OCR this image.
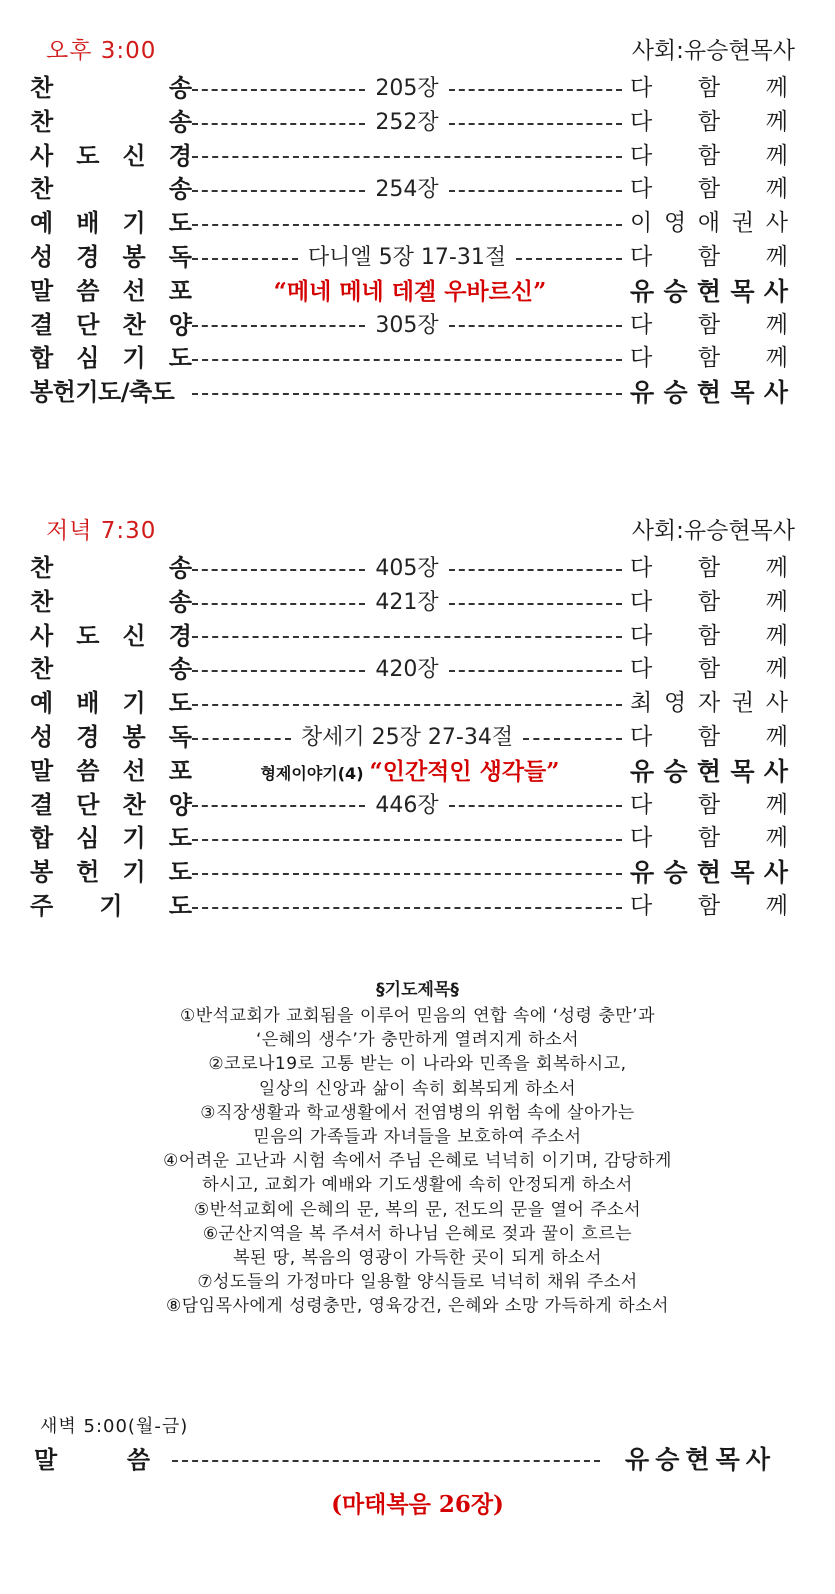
오후 3:00	사회:유승현목사
찬	송	205장	다 함 께
찬	송	252장	다 함 께
사 도 신 경	다 함 께
찬	송	254장	다 함 께
예 배 기 도	이 영 애 권 사
성 경 봉 독	다니엘 5장 17-31절	다 함 께
말 씀 선 포	“메네 메네 데겔 우바르신”	유 승 현 목 사
결 단 찬 양	305장	다 함 께
합 심 기 도	다 함 께
봉헌기도/축도	유 승 현 목 사
저녁 7:30	사회:유승현목사
찬	송	405장	다 함 께
찬	송	421장	다 함 께
사 도 신 경	다 함 께
찬	송	420장	다 함 께
예 배 기 도	최 영 자 권 사
성 경 봉 독	창세기 25장 27-34절	다 함 께
말 씀 선 포	형제이야기(4) “인간적인 생각들”	유 승 현 목 사
결 단 찬 양	446장	다 함 께
합 심 기 도	다 함 께
봉 헌 기 도	유 승 현 목 사
주 기 도	다 함 께
§기도제목§
①반석교회가 교회됨을 이루어 믿음의 연합 속에 ‘성령 충만’과
‘은혜의 생수’가 충만하게 열려지게 하소서
②코로나19로 고통 받는 이 나라와 민족을 회복하시고,
일상의 신앙과 삶이 속히 회복되게 하소서
③직장생활과 학교생활에서 전염병의 위험 속에 살아가는
믿음의 가족들과 자녀들을 보호하여 주소서
④어려운 고난과 시험 속에서 주님 은혜로 넉넉히 이기며, 감당하게
하시고, 교회가 예배와 기도생활에 속히 안정되게 하소서
⑤반석교회에 은혜의 문, 복의 문, 전도의 문을 열어 주소서
⑥군산지역을 복 주셔서 하나님 은혜로 젖과 꿀이 흐르는
복된 땅, 복음의 영광이 가득한 곳이 되게 하소서
⑦성도들의 가정마다 일용할 양식들로 넉넉히 채워 주소서
⑧담임목사에게 성령충만, 영육강건, 은혜와 소망 가득하게 하소서
새벽 5:00(월-금)
말	씀	유 승 현 목 사
(마태복음 26장)
